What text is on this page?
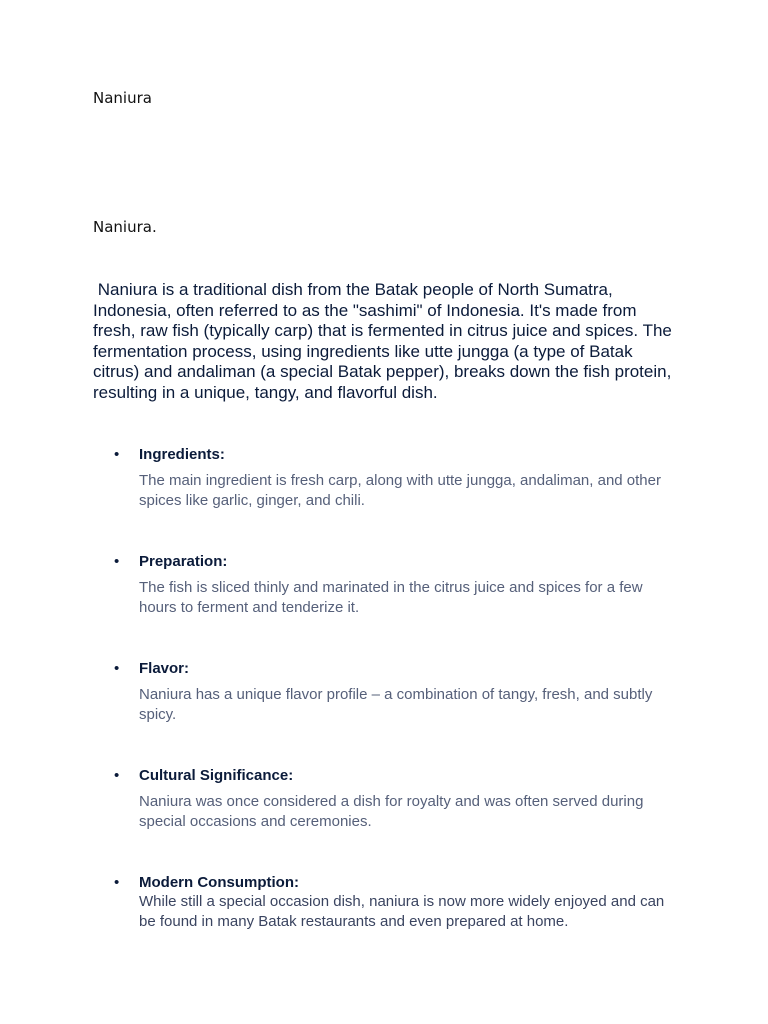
Naniura

Naniura.

Naniura is a traditional dish from the Batak people of North Sumatra, Indonesia, often referred to as the "sashimi" of Indonesia. It's made from fresh, raw fish (typically carp) that is fermented in citrus juice and spices. The fermentation process, using ingredients like utte jungga (a type of Batak citrus) and andaliman (a special Batak pepper), breaks down the fish protein, resulting in a unique, tangy, and flavorful dish.

• Ingredients:

The main ingredient is fresh carp, along with utte jungga, andaliman, and other spices like garlic, ginger, and chili.

• Preparation:

The fish is sliced thinly and marinated in the citrus juice and spices for a few hours to ferment and tenderize it.

• Flavor:

Naniura has a unique flavor profile – a combination of tangy, fresh, and subtly spicy.

• Cultural Significance:

Naniura was once considered a dish for royalty and was often served during special occasions and ceremonies.

• Modern Consumption:

While still a special occasion dish, naniura is now more widely enjoyed and can be found in many Batak restaurants and even prepared at home.
